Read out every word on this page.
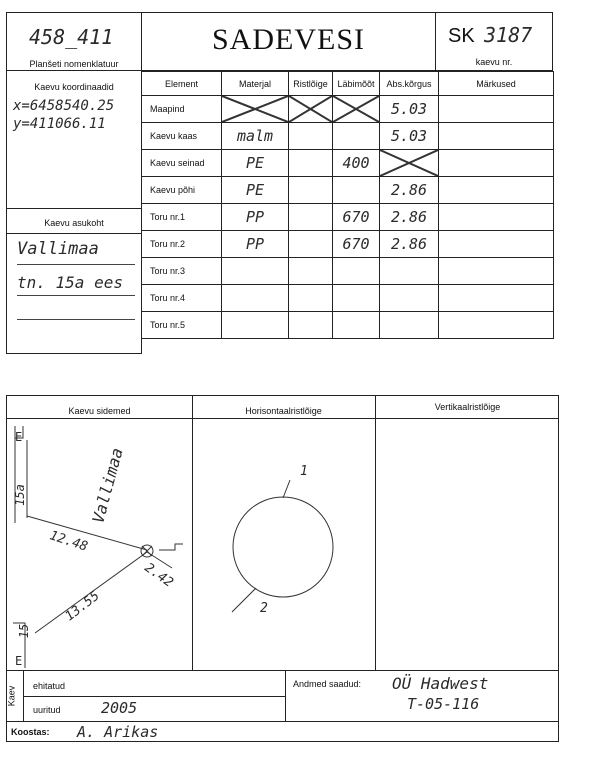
458_411
Planšeti nomenklatuur
SADEVESI	SK 3187
kaevu nr.
Kaevu koordinaadid
x=6458540.25
y=411066.11
Kaevu asukoht
Vallimaa
tn. 15a ees
Element	Materjal	Ristlõige	Läbimõõt	Abs.kõrgus	Märkused
Maapind				5.03	

Kaevu kaas	malm			5.03	

Kaevu seinad	PE		400

Kaevu põhi	PE			2.86	

Toru nr.1	PP		670	2.86	

Toru nr.2	PP		670	2.86	

Toru nr.3	

Toru nr.4	

Toru nr.5	

Kaevu sidemed	Horisontaalristlõige	Vertikaalristlõige
E
15a	Vallimaa
12.48
2.42
13.55
15
E
1
2
Kaev ehitatud
uuritud	2005
Andmed saadud: OÜ Hadwest
T-05-116
Koostas: A. Arikas
